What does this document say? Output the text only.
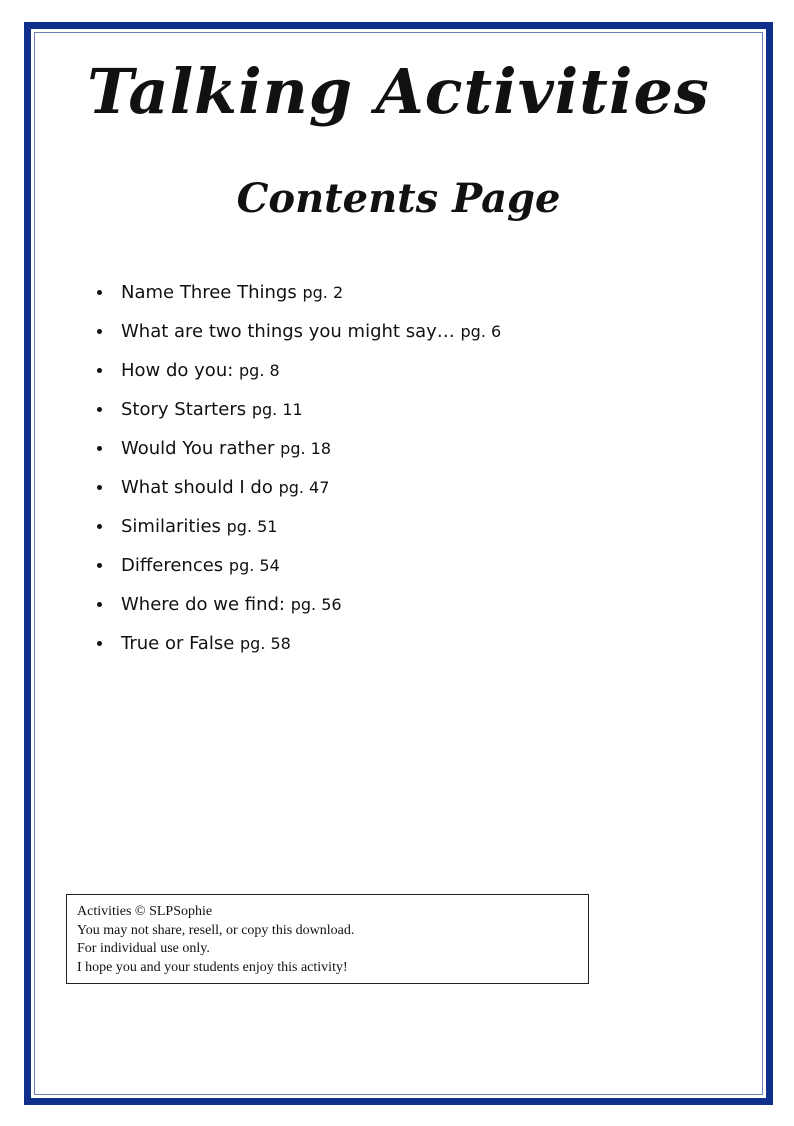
Talking Activities
Contents Page
Name Three Things pg. 2
What are two things you might say… pg. 6
How do you: pg. 8
Story Starters pg. 11
Would You rather pg. 18
What should I do pg. 47
Similarities pg. 51
Differences pg. 54
Where do we find: pg. 56
True or False pg. 58
Activities © SLPSophie
You may not share, resell, or copy this download.
For individual use only.
I hope you and your students enjoy this activity!
